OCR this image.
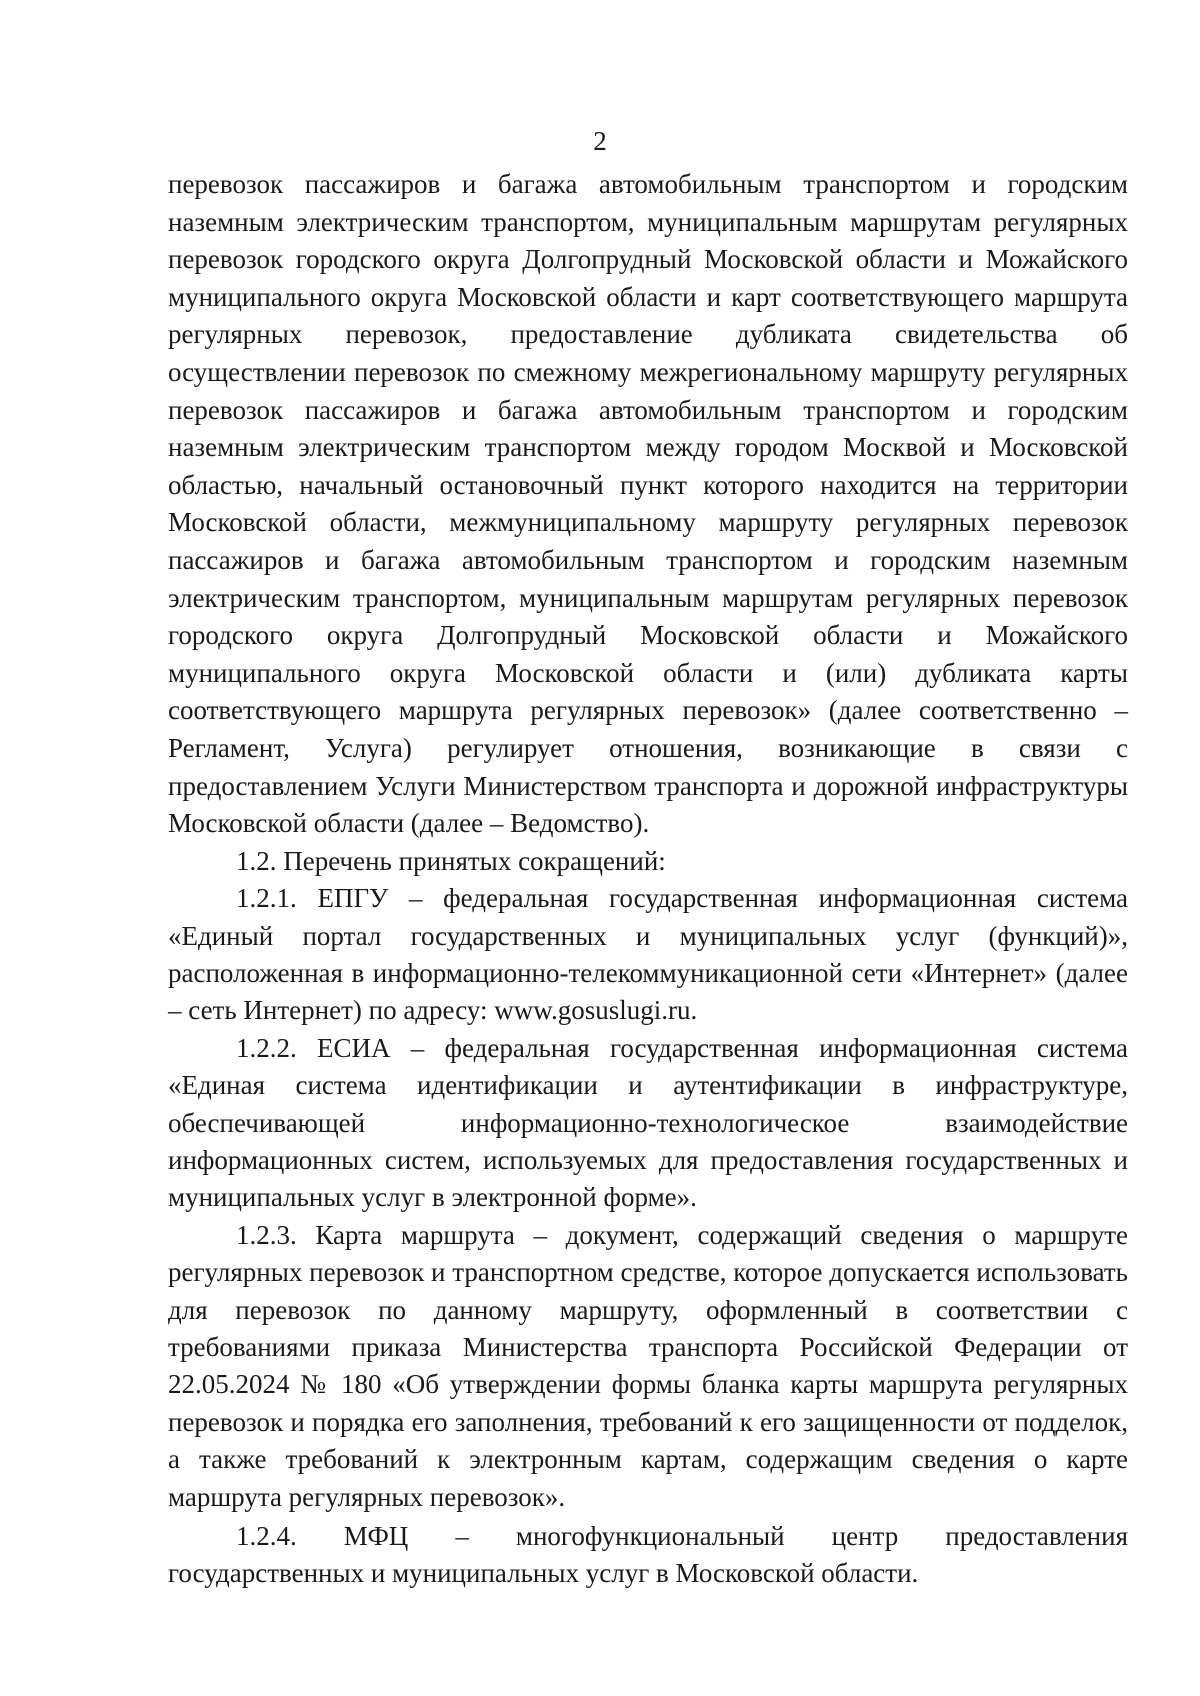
2

перевозок пассажиров и багажа автомобильным транспортом и городским наземным электрическим транспортом, муниципальным маршрутам регулярных перевозок городского округа Долгопрудный Московской области и Можайского муниципального округа Московской области и карт соответствующего маршрута регулярных перевозок, предоставление дубликата свидетельства об осуществлении перевозок по смежному межрегиональному маршруту регулярных перевозок пассажиров и багажа автомобильным транспортом и городским наземным электрическим транспортом между городом Москвой и Московской областью, начальный остановочный пункт которого находится на территории Московской области, межмуниципальному маршруту регулярных перевозок пассажиров и багажа автомобильным транспортом и городским наземным электрическим транспортом, муниципальным маршрутам регулярных перевозок городского округа Долгопрудный Московской области и Можайского муниципального округа Московской области и (или) дубликата карты соответствующего маршрута регулярных перевозок» (далее соответственно – Регламент, Услуга) регулирует отношения, возникающие в связи с предоставлением Услуги Министерством транспорта и дорожной инфраструктуры Московской области (далее – Ведомство).

1.2. Перечень принятых сокращений:

1.2.1. ЕПГУ – федеральная государственная информационная система «Единый портал государственных и муниципальных услуг (функций)», расположенная в информационно-телекоммуникационной сети «Интернет» (далее – сеть Интернет) по адресу: www.gosuslugi.ru.

1.2.2. ЕСИА – федеральная государственная информационная система «Единая система идентификации и аутентификации в инфраструктуре, обеспечивающей информационно-технологическое взаимодействие информационных систем, используемых для предоставления государственных и муниципальных услуг в электронной форме».

1.2.3. Карта маршрута – документ, содержащий сведения о маршруте регулярных перевозок и транспортном средстве, которое допускается использовать для перевозок по данному маршруту, оформленный в соответствии с требованиями приказа Министерства транспорта Российской Федерации от 22.05.2024 № 180 «Об утверждении формы бланка карты маршрута регулярных перевозок и порядка его заполнения, требований к его защищенности от подделок, а также требований к электронным картам, содержащим сведения о карте маршрута регулярных перевозок».

1.2.4. МФЦ – многофункциональный центр предоставления государственных и муниципальных услуг в Московской области.
